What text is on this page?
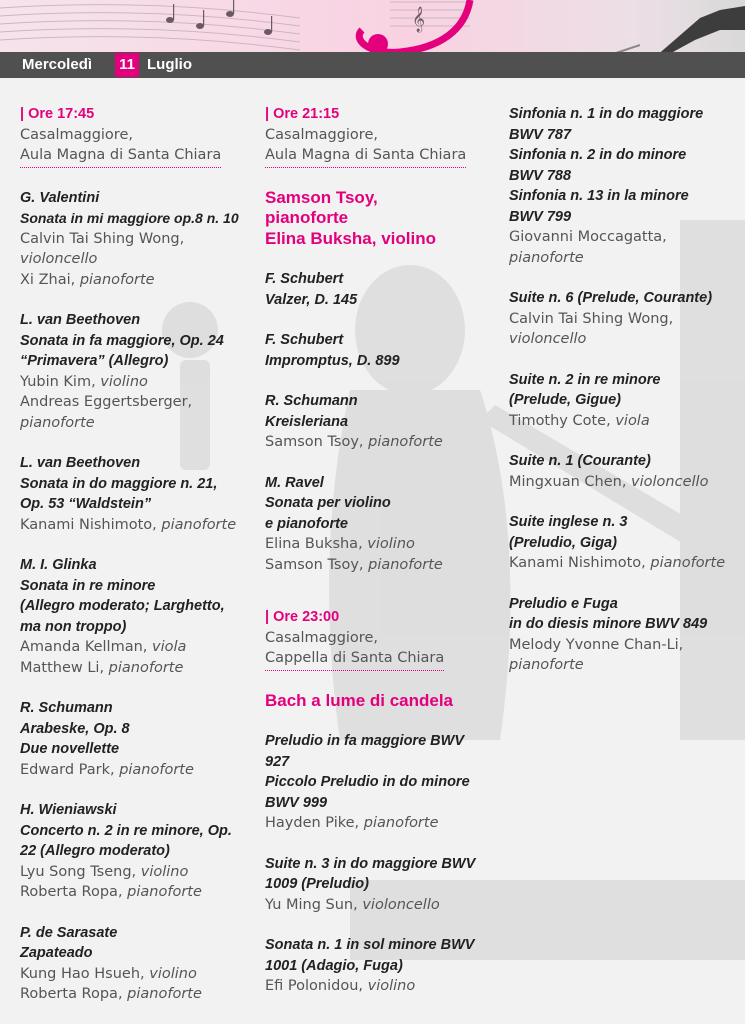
𝄞
Mercoledì 11 Luglio
| Ore 17:45
Casalmaggiore,
Aula Magna di Santa Chiara
G. Valentini
Sonata in mi maggiore op.8 n. 10
Calvin Tai Shing Wong,
violoncello
Xi Zhai, pianoforte
L. van Beethoven
Sonata in fa maggiore, Op. 24
“Primavera” (Allegro)
Yubin Kim, violino
Andreas Eggertsberger,
pianoforte
L. van Beethoven
Sonata in do maggiore n. 21,
Op. 53 “Waldstein”
Kanami Nishimoto, pianoforte
M. I. Glinka
Sonata in re minore
(Allegro moderato; Larghetto,
ma non troppo)
Amanda Kellman, viola
Matthew Li, pianoforte
R. Schumann
Arabeske, Op. 8
Due novellette
Edward Park, pianoforte
H. Wieniawski
Concerto n. 2 in re minore, Op.
22 (Allegro moderato)
Lyu Song Tseng, violino
Roberta Ropa, pianoforte
P. de Sarasate
Zapateado
Kung Hao Hsueh, violino
Roberta Ropa, pianoforte
| Ore 21:15
Casalmaggiore,
Aula Magna di Santa Chiara
Samson Tsoy,
pianoforte
Elina Buksha, violino
F. Schubert
Valzer, D. 145
F. Schubert
Impromptus, D. 899
R. Schumann
Kreisleriana
Samson Tsoy, pianoforte
M. Ravel
Sonata per violino
e pianoforte
Elina Buksha, violino
Samson Tsoy, pianoforte
| Ore 23:00
Casalmaggiore,
Cappella di Santa Chiara
Bach a lume di candela
Preludio in fa maggiore BWV
927
Piccolo Preludio in do minore
BWV 999
Hayden Pike, pianoforte
Suite n. 3 in do maggiore BWV
1009 (Preludio)
Yu Ming Sun, violoncello
Sonata n. 1 in sol minore BWV
1001 (Adagio, Fuga)
Efi Polonidou, violino
Sinfonia n. 1 in do maggiore
BWV 787
Sinfonia n. 2 in do minore
BWV 788
Sinfonia n. 13 in la minore
BWV 799
Giovanni Moccagatta,
pianoforte
Suite n. 6 (Prelude, Courante)
Calvin Tai Shing Wong,
violoncello
Suite n. 2 in re minore
(Prelude, Gigue)
Timothy Cote, viola
Suite n. 1 (Courante)
Mingxuan Chen, violoncello
Suite inglese n. 3
(Preludio, Giga)
Kanami Nishimoto, pianoforte
Preludio e Fuga
in do diesis minore BWV 849
Melody Yvonne Chan-Li,
pianoforte
